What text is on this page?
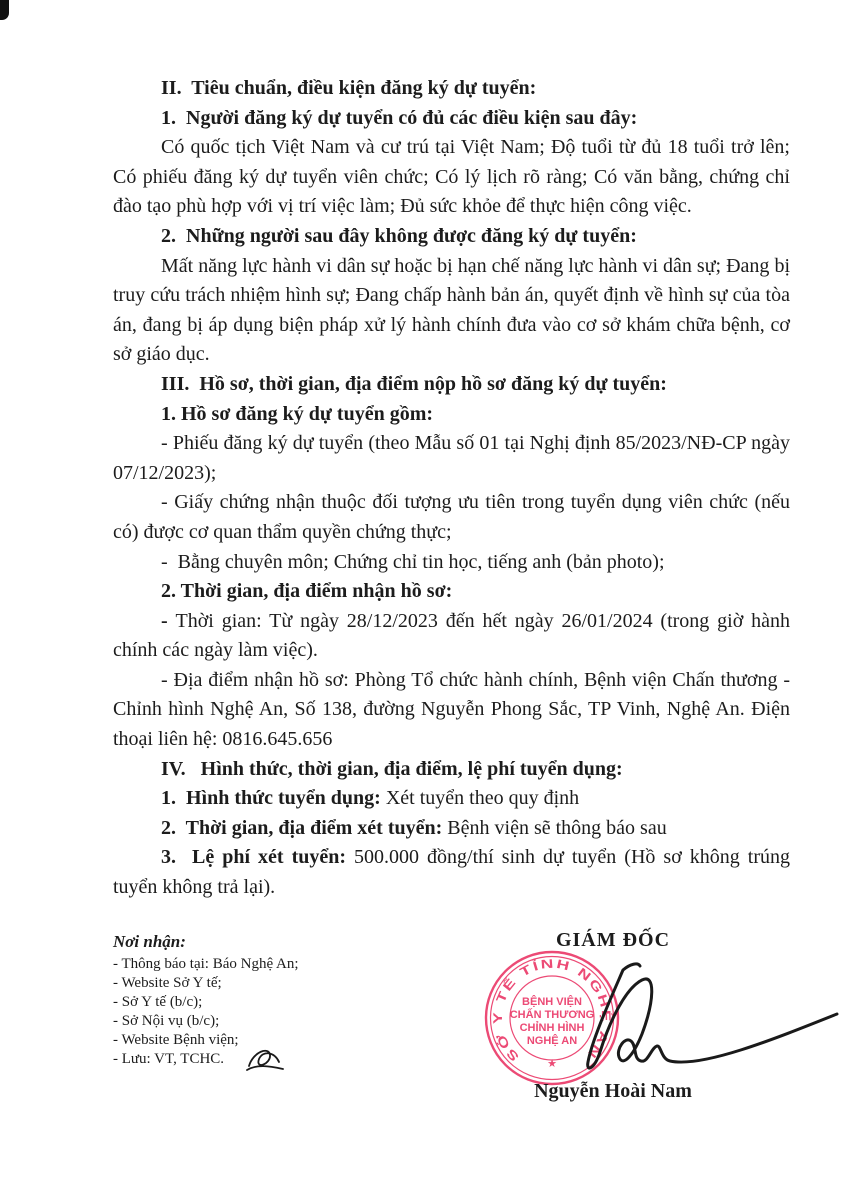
II.  Tiêu chuẩn, điều kiện đăng ký dự tuyển:

1.  Người đăng ký dự tuyển có đủ các điều kiện sau đây:

Có quốc tịch Việt Nam và cư trú tại Việt Nam; Độ tuổi từ đủ 18 tuổi trở lên; Có phiếu đăng ký dự tuyển viên chức; Có lý lịch rõ ràng; Có văn bằng, chứng chỉ đào tạo phù hợp với vị trí việc làm; Đủ sức khỏe để thực hiện công việc.

2.  Những người sau đây không được đăng ký dự tuyển:

Mất năng lực hành vi dân sự hoặc bị hạn chế năng lực hành vi dân sự; Đang bị truy cứu trách nhiệm hình sự; Đang chấp hành bản án, quyết định về hình sự của tòa án, đang bị áp dụng biện pháp xử lý hành chính đưa vào cơ sở khám chữa bệnh, cơ sở giáo dục.

III.  Hồ sơ, thời gian, địa điểm nộp hồ sơ đăng ký dự tuyển:

1. Hồ sơ đăng ký dự tuyển gồm:

- Phiếu đăng ký dự tuyển (theo Mẫu số 01 tại Nghị định 85/2023/NĐ-CP ngày 07/12/2023);

- Giấy chứng nhận thuộc đối tượng ưu tiên trong tuyển dụng viên chức (nếu có) được cơ quan thẩm quyền chứng thực;

-  Bằng chuyên môn; Chứng chỉ tin học, tiếng anh (bản photo);

2. Thời gian, địa điểm nhận hồ sơ:

- Thời gian: Từ ngày 28/12/2023 đến hết ngày 26/01/2024 (trong giờ hành chính các ngày làm việc).

- Địa điểm nhận hồ sơ: Phòng Tổ chức hành chính, Bệnh viện Chấn thương - Chỉnh hình Nghệ An, Số 138, đường Nguyễn Phong Sắc, TP Vinh, Nghệ An. Điện thoại liên hệ: 0816.645.656

IV.   Hình thức, thời gian, địa điểm, lệ phí tuyển dụng:

1.  Hình thức tuyển dụng: Xét tuyển theo quy định

2.  Thời gian, địa điểm xét tuyển: Bệnh viện sẽ thông báo sau

3.  Lệ phí xét tuyển: 500.000 đồng/thí sinh dự tuyển (Hồ sơ không trúng tuyển không trả lại).

Nơi nhận:
- Thông báo tại: Báo Nghệ An;
- Website Sở Y tế;
- Sở Y tế (b/c);
- Sở Nội vụ (b/c);
- Website Bệnh viện;
- Lưu: VT, TCHC.
GIÁM ĐỐC
SỞ Y TẾ TỈNH NGHỆ AN
BỆNH VIỆN
CHẤN THƯƠNG
CHỈNH HÌNH
NGHỆ AN
★
Nguyễn Hoài Nam
